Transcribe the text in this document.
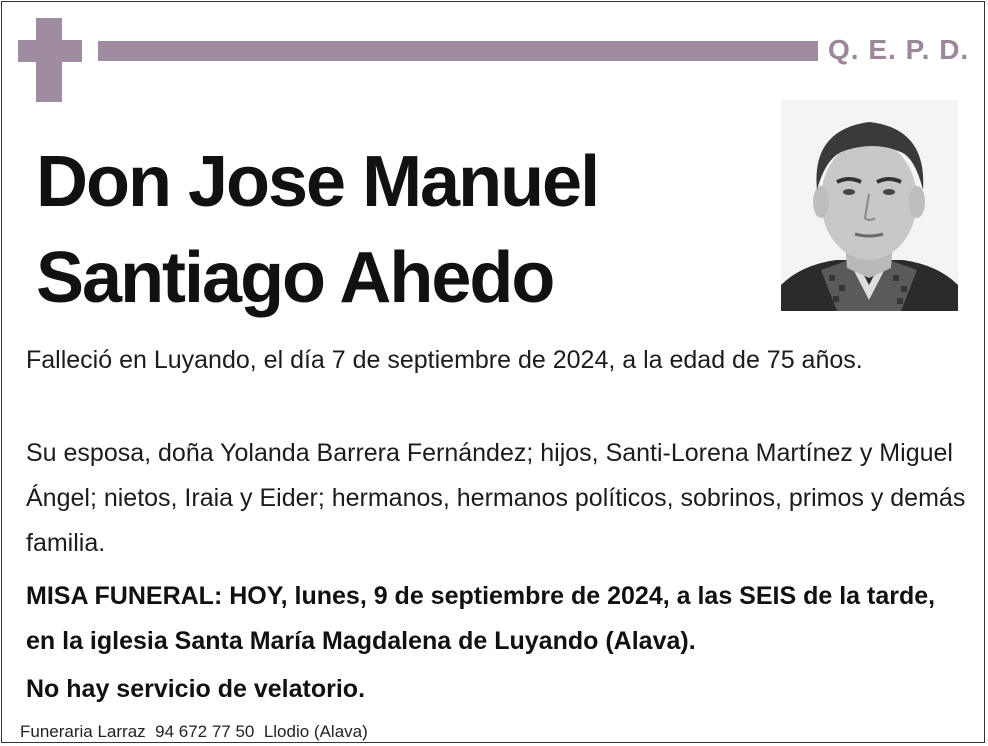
Q. E. P. D.
Don Jose Manuel
Santiago Ahedo

Falleció en Luyando, el día 7 de septiembre de 2024, a la edad de 75 años.

Su esposa, doña Yolanda Barrera Fernández; hijos, Santi-Lorena Martínez y Miguel Ángel; nietos, Iraia y Eider; hermanos, hermanos políticos, sobrinos, primos y demás familia.

MISA FUNERAL: HOY, lunes, 9 de septiembre de 2024, a las SEIS de la tarde, en la iglesia Santa María Magdalena de Luyando (Alava).

No hay servicio de velatorio.

Funeraria Larraz  94 672 77 50  Llodio (Alava)
